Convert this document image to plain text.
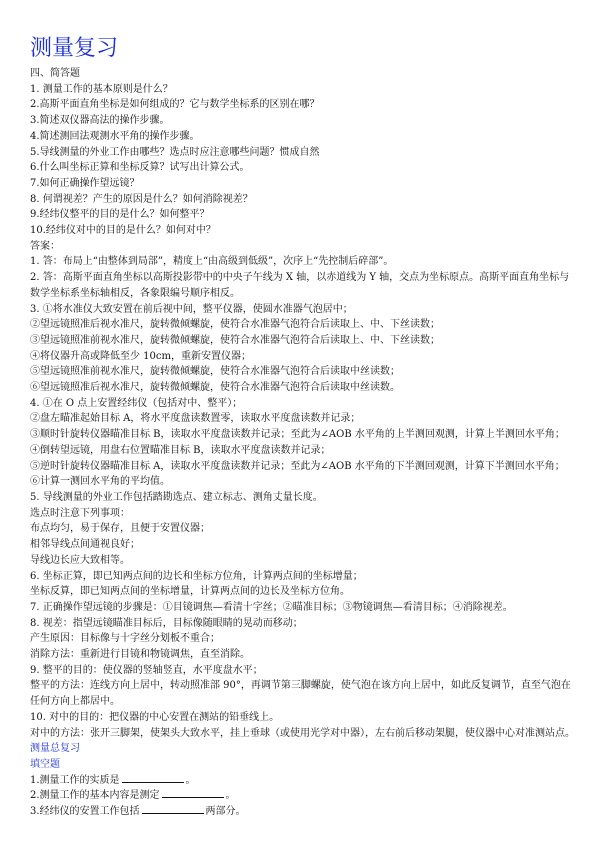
测量复习
四、简答题
1. 测量工作的基本原则是什么？
2.高斯平面直角坐标是如何组成的？它与数学坐标系的区别在哪？
3.简述双仪器高法的操作步骤。
4.简述测回法观测水平角的操作步骤。
5.导线测量的外业工作由哪些？选点时应注意哪些问题？惯成自然
6.什么叫坐标正算和坐标反算？试写出计算公式。
7.如何正确操作望远镜？
8. 何谓视差？产生的原因是什么？如何消除视差？
9.经纬仪整平的目的是什么？如何整平？
10.经纬仪对中的目的是什么？如何对中？
答案：
1. 答：布局上“由整体到局部”，精度上“由高级到低级”，次序上“先控制后碎部”。
2. 答：高斯平面直角坐标以高斯投影带中的中央子午线为 X 轴，以赤道线为 Y 轴，交点为坐标原点。高斯平面直角坐标与数学坐标系坐标轴相反，各象限编号顺序相反。
3. ①将水准仪大致安置在前后视中间，整平仪器，使圆水准器气泡居中；
②望远镜照准后视水准尺，旋转微倾螺旋，使符合水准器气泡符合后读取上、中、下丝读数；
③望远镜照准前视水准尺，旋转微倾螺旋，使符合水准器气泡符合后读取上、中、下丝读数；
④将仪器升高或降低至少 10cm，重新安置仪器；
⑤望远镜照准前视水准尺，旋转微倾螺旋，使符合水准器气泡符合后读取中丝读数；
⑥望远镜照准后视水准尺，旋转微倾螺旋，使符合水准器气泡符合后读取中丝读数。
4. ①在 O 点上安置经纬仪（包括对中、整平）；
②盘左瞄准起始目标 A，将水平度盘读数置零，读取水平度盘读数并记录；
③顺时针旋转仪器瞄准目标 B，读取水平度盘读数并记录；至此为∠AOB 水平角的上半测回观测，计算上半测回水平角；
④倒转望远镜，用盘右位置瞄准目标 B，读取水平度盘读数并记录；
⑤逆时针旋转仪器瞄准目标 A，读取水平度盘读数并记录；至此为∠AOB 水平角的下半测回观测，计算下半测回水平角；
⑥计算一测回水平角的平均值。
5. 导线测量的外业工作包括踏勘选点、建立标志、测角丈量长度。
选点时注意下列事项：
布点均匀，易于保存，且便于安置仪器；
相邻导线点间通视良好；
导线边长应大致相等。
6. 坐标正算，即已知两点间的边长和坐标方位角，计算两点间的坐标增量；
坐标反算，即已知两点间的坐标增量，计算两点间的边长及坐标方位角。
7. 正确操作望远镜的步骤是：①目镜调焦—看清十字丝；②瞄准目标；③物镜调焦—看清目标；④消除视差。
8. 视差：指望远镜瞄准目标后，目标像随眼睛的晃动而移动；
产生原因：目标像与十字丝分划板不重合；
消除方法：重新进行目镜和物镜调焦，直至消除。
9. 整平的目的：使仪器的竖轴竖直，水平度盘水平；
整平的方法：连线方向上居中，转动照准部 90°，再调节第三脚螺旋，使气泡在该方向上居中，如此反复调节，直至气泡在任何方向上都居中。
10. 对中的目的：把仪器的中心安置在测站的铅垂线上。
对中的方法：张开三脚架，使架头大致水平，挂上垂球（或使用光学对中器），左右前后移动架腿，使仪器中心对准测站点。
测量总复习
填空题
1.测量工作的实质是	。
2.测量工作的基本内容是测定	。
3.经纬仪的安置工作包括	两部分。
